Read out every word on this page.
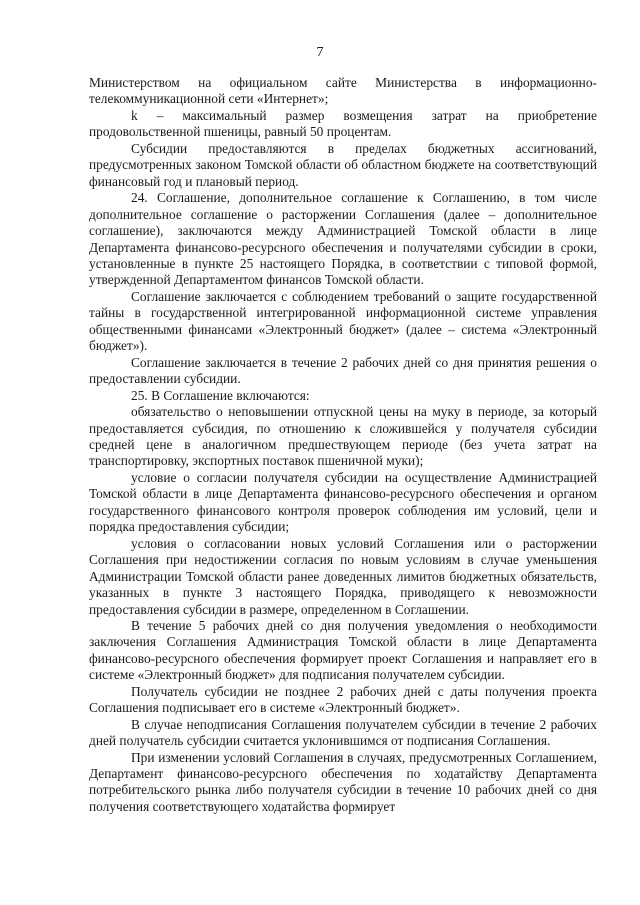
7

Министерством на официальном сайте Министерства в информационно-телекоммуникационной сети «Интернет»;

k – максимальный размер возмещения затрат на приобретение продовольственной пшеницы, равный 50 процентам.

Субсидии предоставляются в пределах бюджетных ассигнований, предусмотренных законом Томской области об областном бюджете на соответствующий финансовый год и плановый период.

24. Соглашение, дополнительное соглашение к Соглашению, в том числе дополнительное соглашение о расторжении Соглашения (далее – дополнительное соглашение), заключаются между Администрацией Томской области в лице Департамента финансово-ресурсного обеспечения и получателями субсидии в сроки, установленные в пункте 25 настоящего Порядка, в соответствии с типовой формой, утвержденной Департаментом финансов Томской области.

Соглашение заключается с соблюдением требований о защите государственной тайны в государственной интегрированной информационной системе управления общественными финансами «Электронный бюджет» (далее – система «Электронный бюджет»).

Соглашение заключается в течение 2 рабочих дней со дня принятия решения о предоставлении субсидии.

25. В Соглашение включаются:

обязательство о неповышении отпускной цены на муку в периоде, за который предоставляется субсидия, по отношению к сложившейся у получателя субсидии средней цене в аналогичном предшествующем периоде (без учета затрат на транспортировку, экспортных поставок пшеничной муки);

условие о согласии получателя субсидии на осуществление Администрацией Томской области в лице Департамента финансово-ресурсного обеспечения и органом государственного финансового контроля проверок соблюдения им условий, цели и порядка предоставления субсидии;

условия о согласовании новых условий Соглашения или о расторжении Соглашения при недостижении согласия по новым условиям в случае уменьшения Администрации Томской области ранее доведенных лимитов бюджетных обязательств, указанных в пункте 3 настоящего Порядка, приводящего к невозможности предоставления субсидии в размере, определенном в Соглашении.

В течение 5 рабочих дней со дня получения уведомления о необходимости заключения Соглашения Администрация Томской области в лице Департамента финансово-ресурсного обеспечения формирует проект Соглашения и направляет его в системе «Электронный бюджет» для подписания получателем субсидии.

Получатель субсидии не позднее 2 рабочих дней с даты получения проекта Соглашения подписывает его в системе «Электронный бюджет».

В случае неподписания Соглашения получателем субсидии в течение 2 рабочих дней получатель субсидии считается уклонившимся от подписания Соглашения.

При изменении условий Соглашения в случаях, предусмотренных Соглашением, Департамент финансово-ресурсного обеспечения по ходатайству Департамента потребительского рынка либо получателя субсидии в течение 10 рабочих дней со дня получения соответствующего ходатайства формирует
